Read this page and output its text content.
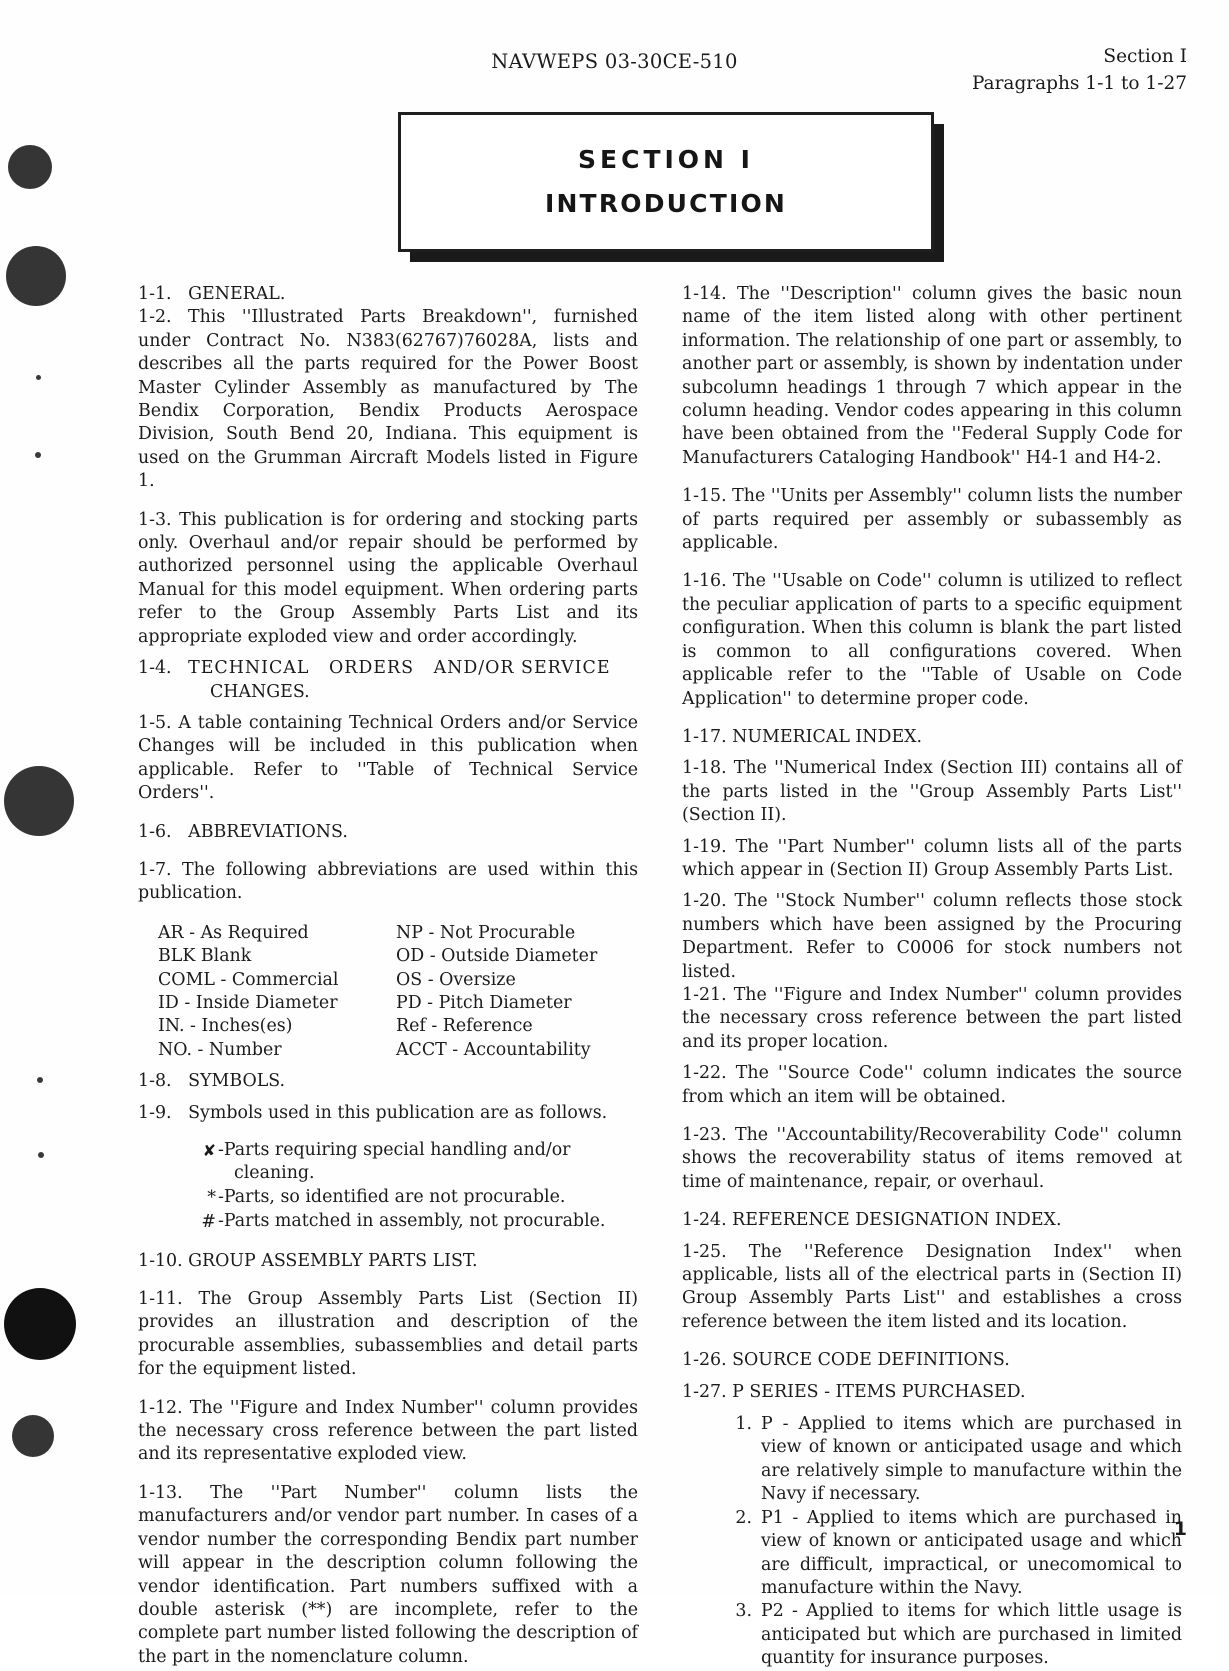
NAVWEPS 03-30CE-510	Section I
Paragraphs 1-1 to 1-27
SECTION I
INTRODUCTION

1-1. GENERAL.

1-2. This ''Illustrated Parts Breakdown'', furnished under Contract No. N383(62767)76028A, lists and describes all the parts required for the Power Boost Master Cylinder Assembly as manufactured by The Bendix Corporation, Bendix Products Aerospace Division, South Bend 20, Indiana. This equipment is used on the Grumman Aircraft Models listed in Figure 1.

1-3. This publication is for ordering and stocking parts only. Overhaul and/or repair should be performed by authorized personnel using the applicable Overhaul Manual for this model equipment. When ordering parts refer to the Group Assembly Parts List and its appropriate exploded view and order accordingly.

1-4. TECHNICAL   ORDERS   AND/OR SERVICE
CHANGES.

1-5. A table containing Technical Orders and/or Service Changes will be included in this publication when applicable. Refer to ''Table of Technical Service Orders''.

1-6. ABBREVIATIONS.

1-7. The following abbreviations are used within this publication.

AR - As Required	NP - Not Procurable
BLK Blank	OD - Outside Diameter
COML - Commercial	OS - Oversize
ID - Inside Diameter	PD - Pitch Diameter
IN. - Inches(es)	Ref - Reference
NO. - Number	ACCT - Accountability

1-8. SYMBOLS.

1-9. Symbols used in this publication are as follows.

✘ -Parts requiring special handling and/or
cleaning.
* -Parts, so identified are not procurable.
# -Parts matched in assembly, not procurable.

1-10. GROUP ASSEMBLY PARTS LIST.

1-11. The Group Assembly Parts List (Section II) provides an illustration and description of the procurable assemblies, subassemblies and detail parts for the equipment listed.

1-12. The ''Figure and Index Number'' column provides the necessary cross reference between the part listed and its representative exploded view.

1-13. The ''Part Number'' column lists the manufacturers and/or vendor part number. In cases of a vendor number the corresponding Bendix part number will appear in the description column following the vendor identification. Part numbers suffixed with a double asterisk (**) are incomplete, refer to the complete part number listed following the description of the part in the nomenclature column.

1-14. The ''Description'' column gives the basic noun name of the item listed along with other pertinent information. The relationship of one part or assembly, to another part or assembly, is shown by indentation under subcolumn headings 1 through 7 which appear in the column heading. Vendor codes appearing in this column have been obtained from the ''Federal Supply Code for Manufacturers Cataloging Handbook'' H4-1 and H4-2.

1-15. The ''Units per Assembly'' column lists the number of parts required per assembly or subassembly as applicable.

1-16. The ''Usable on Code'' column is utilized to reflect the peculiar application of parts to a specific equipment configuration. When this column is blank the part listed is common to all configurations covered. When applicable refer to the ''Table of Usable on Code Application'' to determine proper code.

1-17. NUMERICAL INDEX.

1-18. The ''Numerical Index (Section III) contains all of the parts listed in the ''Group Assembly Parts List'' (Section II).

1-19. The ''Part Number'' column lists all of the parts which appear in (Section II) Group Assembly Parts List.

1-20. The ''Stock Number'' column reflects those stock numbers which have been assigned by the Procuring Department. Refer to C0006 for stock numbers not listed.

1-21. The ''Figure and Index Number'' column provides the necessary cross reference between the part listed and its proper location.

1-22. The ''Source Code'' column indicates the source from which an item will be obtained.

1-23. The ''Accountability/Recoverability Code'' column shows the recoverability status of items removed at time of maintenance, repair, or overhaul.

1-24. REFERENCE DESIGNATION INDEX.

1-25. The ''Reference Designation Index'' when applicable, lists all of the electrical parts in (Section II) Group Assembly Parts List'' and establishes a cross reference between the item listed and its location.

1-26. SOURCE CODE DEFINITIONS.

1-27. P SERIES - ITEMS PURCHASED.

1. P - Applied to items which are purchased in view of known or anticipated usage and which are relatively simple to manufacture within the Navy if necessary.
2. P1 - Applied to items which are purchased in view of known or anticipated usage and which are difficult, impractical, or unecomomical to manufacture within the Navy.
3. P2 - Applied to items for which little usage is anticipated but which are purchased in limited quantity for insurance purposes.
1
